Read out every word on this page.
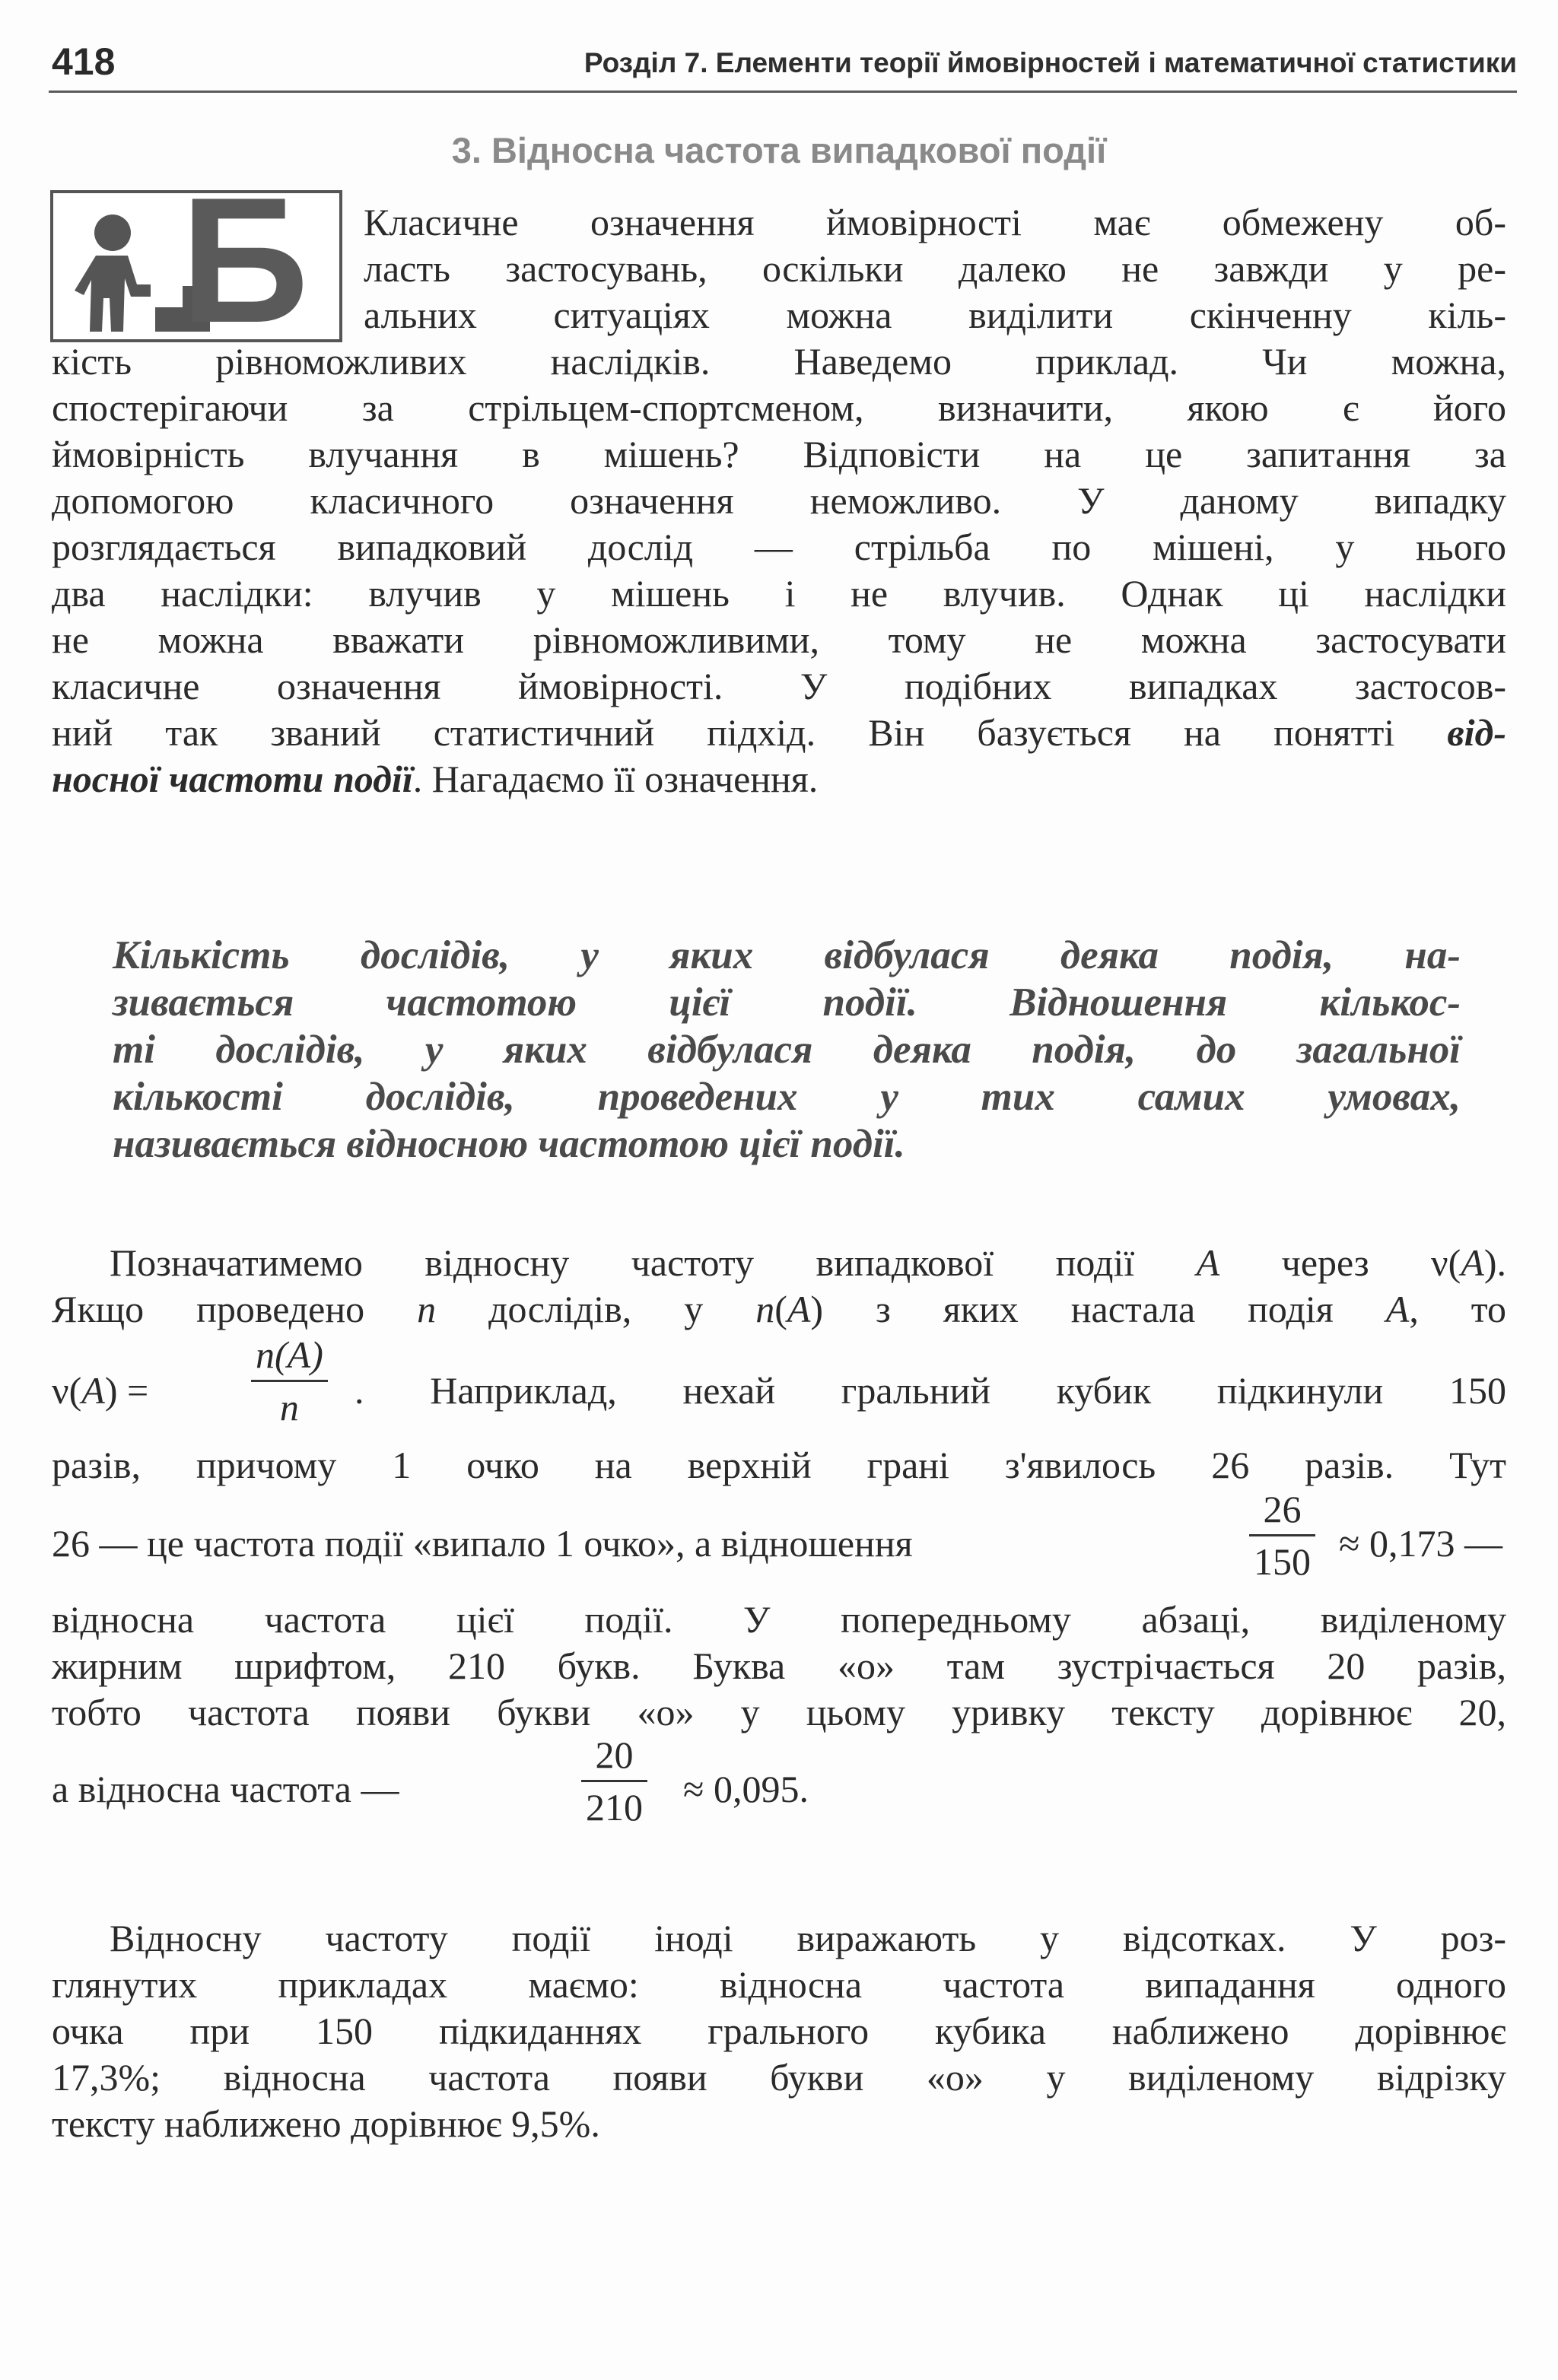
418	Розділ 7. Елементи теорії ймовірностей і математичної статистики
3. Відносна частота випадкової події
Б	Класичне означення ймовірності має обмежену об-
ласть застосувань, оскільки далеко не завжди у ре-
альних ситуаціях можна виділити скінченну кіль-
кість рівноможливих наслідків. Наведемо приклад. Чи можна,
спостерігаючи за стрільцем-спортсменом, визначити, якою є його
ймовірність влучання в мішень? Відповісти на це запитання за
допомогою класичного означення неможливо. У даному випадку
розглядається випадковий дослід — стрільба по мішені, у нього
два наслідки: влучив у мішень і не влучив. Однак ці наслідки
не можна вважати рівноможливими, тому не можна застосувати
класичне означення ймовірності. У подібних випадках застосов-
ний так званий статистичний підхід. Він базується на понятті від-
носної частоти події. Нагадаємо її означення.
Кількість дослідів, у яких відбулася деяка подія, на-
зивається частотою цієї події. Відношення кількос-
ті дослідів, у яких відбулася деяка подія, до загальної
кількості дослідів, проведених у тих самих умовах,
називається відносною частотою цієї події.
Позначатимемо відносну частоту випадкової події A через ν(A).
Якщо проведено n дослідів, у n(A) з яких настала подія A, то
ν(A) =	$\frac{n(A)}{n}$ . Наприклад, нехай гральний кубик підкинули 150
разів, причому 1 очко на верхній грані з'явилось 26 разів. Тут
26 — це частота події «випало 1 очко», а відношення	$\frac{26}{150} \approx 0,173$ —
відносна частота цієї події. У попередньому абзаці, виділеному
жирним шрифтом, 210 букв. Буква «о» там зустрічається 20 разів,
тобто частота появи букви «о» у цьому уривку тексту дорівнює 20,
а відносна частота —	$\frac{20}{210} \approx 0,095$.
Відносну частоту події іноді виражають у відсотках. У роз-
глянутих прикладах маємо: відносна частота випадання одного
очка при 150 підкиданнях грального кубика наближено дорівнює
17,3%; відносна частота появи букви «о» у виділеному відрізку
тексту наближено дорівнює 9,5%.
